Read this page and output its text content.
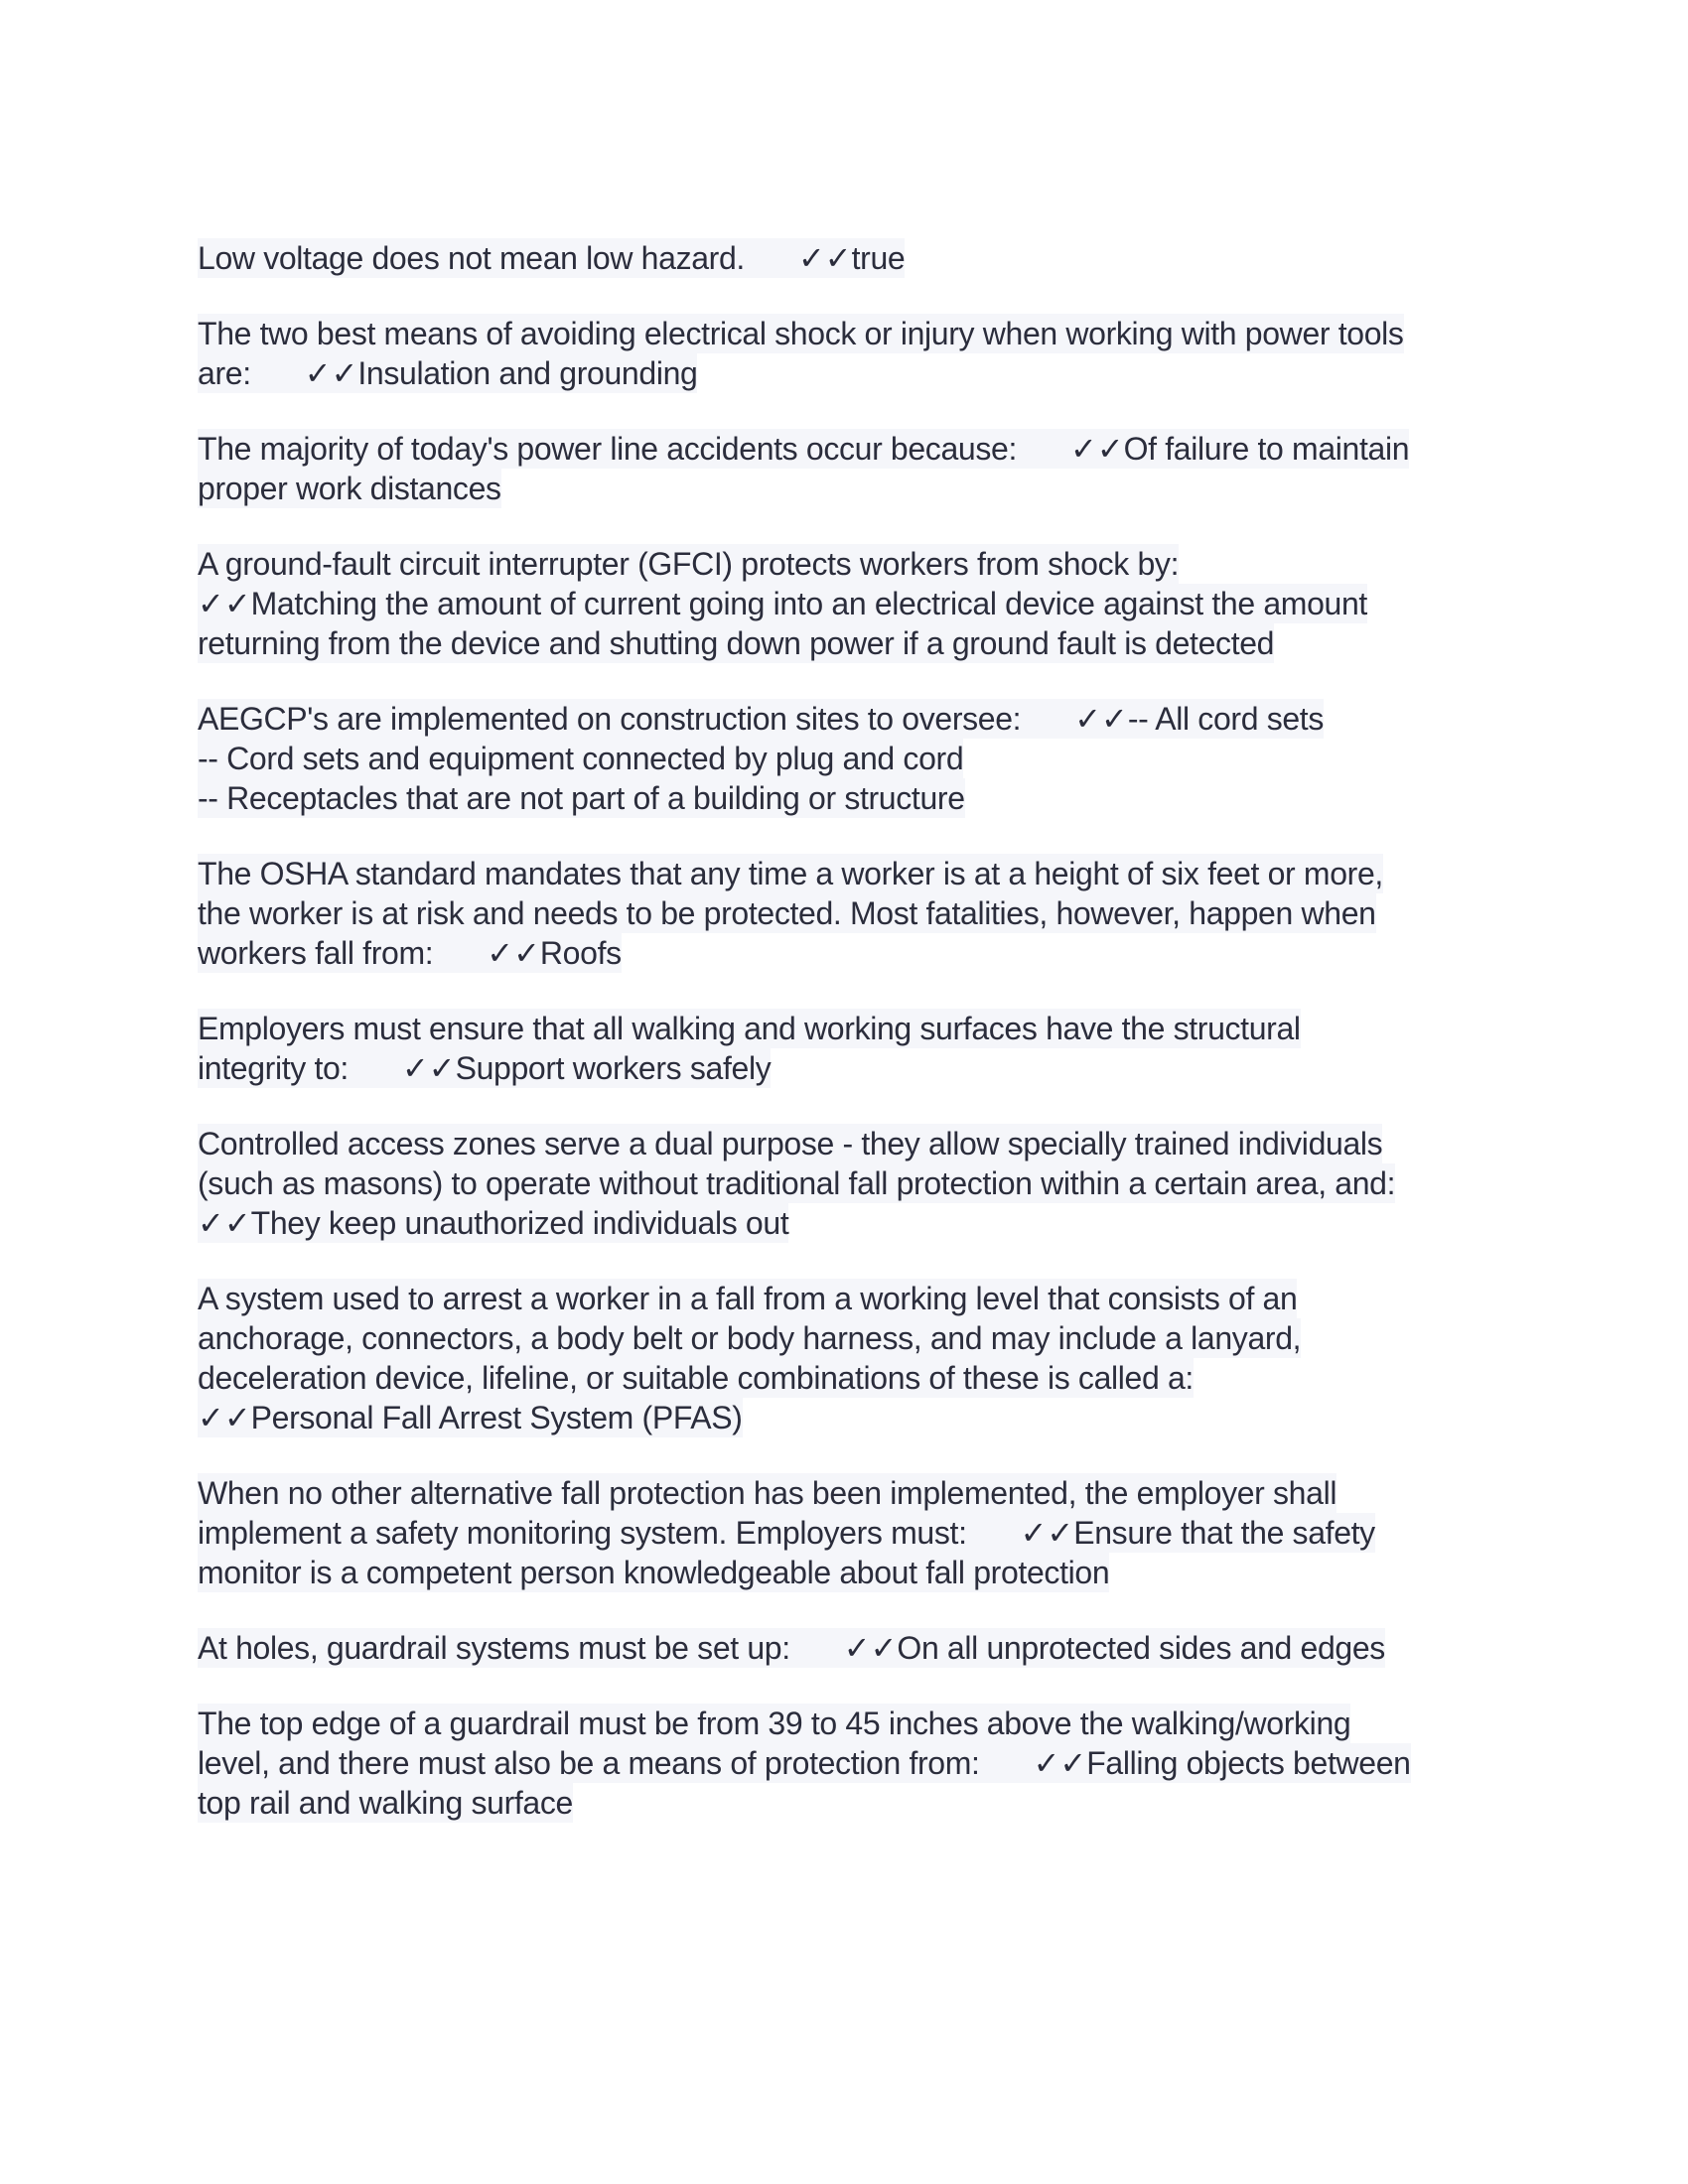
Low voltage does not mean low hazard. ✓✓true
The two best means of avoiding electrical shock or injury when working with power tools
are: ✓✓Insulation and grounding
The majority of today's power line accidents occur because: ✓✓Of failure to maintain
proper work distances
A ground-fault circuit interrupter (GFCI) protects workers from shock by:
✓✓Matching the amount of current going into an electrical device against the amount
returning from the device and shutting down power if a ground fault is detected
AEGCP's are implemented on construction sites to oversee: ✓✓-- All cord sets
-- Cord sets and equipment connected by plug and cord
-- Receptacles that are not part of a building or structure
The OSHA standard mandates that any time a worker is at a height of six feet or more,
the worker is at risk and needs to be protected. Most fatalities, however, happen when
workers fall from: ✓✓Roofs
Employers must ensure that all walking and working surfaces have the structural
integrity to: ✓✓Support workers safely
Controlled access zones serve a dual purpose - they allow specially trained individuals
(such as masons) to operate without traditional fall protection within a certain area, and:
✓✓They keep unauthorized individuals out
A system used to arrest a worker in a fall from a working level that consists of an
anchorage, connectors, a body belt or body harness, and may include a lanyard,
deceleration device, lifeline, or suitable combinations of these is called a:
✓✓Personal Fall Arrest System (PFAS)
When no other alternative fall protection has been implemented, the employer shall
implement a safety monitoring system. Employers must: ✓✓Ensure that the safety
monitor is a competent person knowledgeable about fall protection
At holes, guardrail systems must be set up: ✓✓On all unprotected sides and edges
The top edge of a guardrail must be from 39 to 45 inches above the walking/working
level, and there must also be a means of protection from: ✓✓Falling objects between
top rail and walking surface
